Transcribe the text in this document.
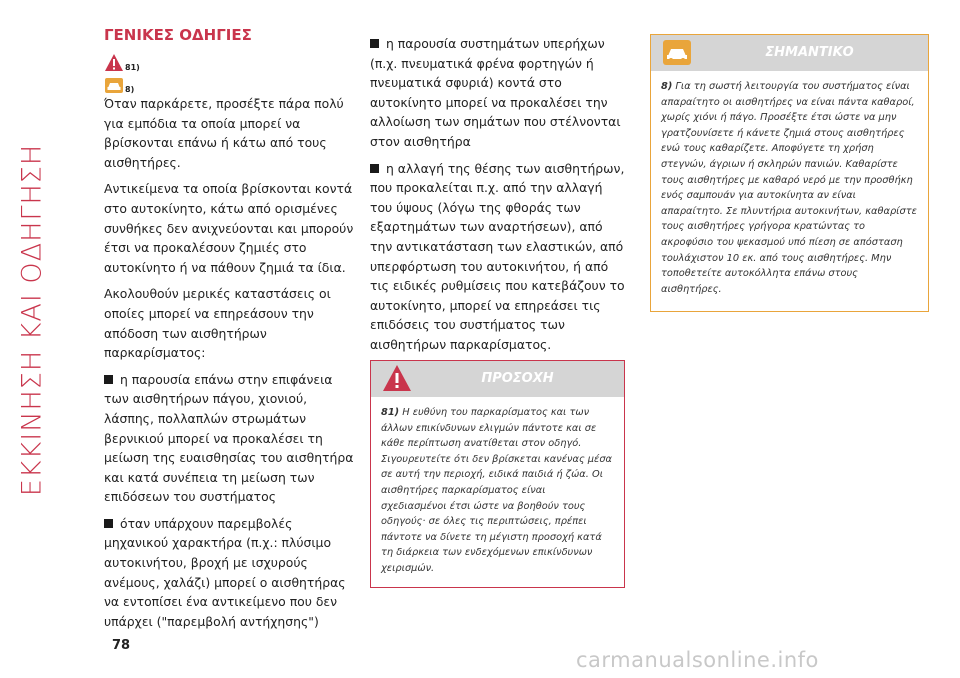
ΕΚΚΙΝΗΣΗ ΚΑΙ ΟΔΗΓΗΣΗ
ΓΕΝΙΚΕΣ ΟΔΗΓΙΕΣ
81)
8)

Όταν παρκάρετε, προσέξτε πάρα πολύ για εμπόδια τα οποία μπορεί να βρίσκονται επάνω ή κάτω από τους αισθητήρες.

Αντικείμενα τα οποία βρίσκονται κοντά στο αυτοκίνητο, κάτω από ορισμένες συνθήκες δεν ανιχνεύονται και μπορούν έτσι να προκαλέσουν ζημιές στο αυτοκίνητο ή να πάθουν ζημιά τα ίδια.

Ακολουθούν μερικές καταστάσεις οι οποίες μπορεί να επηρεάσουν την απόδοση των αισθητήρων παρκαρίσματος:

η παρουσία επάνω στην επιφάνεια των αισθητήρων πάγου, χιονιού, λάσπης, πολλαπλών στρωμάτων βερνικιού μπορεί να προκαλέσει τη μείωση της ευαισθησίας του αισθητήρα και κατά συνέπεια τη μείωση των επιδόσεων του συστήματος

όταν υπάρχουν παρεμβολές μηχανικού χαρακτήρα (π.χ.: πλύσιμο αυτοκινήτου, βροχή με ισχυρούς ανέμους, χαλάζι) μπορεί ο αισθητήρας να εντοπίσει ένα αντικείμενο που δεν υπάρχει ("παρεμβολή αντήχησης")

η παρουσία συστημάτων υπερήχων (π.χ. πνευματικά φρένα φορτηγών ή πνευματικά σφυριά) κοντά στο αυτοκίνητο μπορεί να προκαλέσει την αλλοίωση των σημάτων που στέλνονται στον αισθητήρα

η αλλαγή της θέσης των αισθητήρων, που προκαλείται π.χ. από την αλλαγή του ύψους (λόγω της φθοράς των εξαρτημάτων των αναρτήσεων), από την αντικατάσταση των ελαστικών, από υπερφόρτωση του αυτοκινήτου, ή από τις ειδικές ρυθμίσεις που κατεβάζουν το αυτοκίνητο, μπορεί να επηρεάσει τις επιδόσεις του συστήματος των αισθητήρων παρκαρίσματος.

ΠΡΟΣΟΧΗ
81) Η ευθύνη του παρκαρίσματος και των άλλων επικίνδυνων ελιγμών πάντοτε και σε κάθε περίπτωση ανατίθεται στον οδηγό. Σιγουρευτείτε ότι δεν βρίσκεται κανένας μέσα σε αυτή την περιοχή, ειδικά παιδιά ή ζώα. Οι αισθητήρες παρκαρίσματος είναι σχεδιασμένοι έτσι ώστε να βοηθούν τους οδηγούς· σε όλες τις περιπτώσεις, πρέπει πάντοτε να δίνετε τη μέγιστη προσοχή κατά τη διάρκεια των ενδεχόμενων επικίνδυνων χειρισμών.
ΣΗΜΑΝΤΙΚΟ
8) Για τη σωστή λειτουργία του συστήματος είναι απαραίτητο οι αισθητήρες να είναι πάντα καθαροί, χωρίς χιόνι ή πάγο. Προσέξτε έτσι ώστε να μην γρατζουνίσετε ή κάνετε ζημιά στους αισθητήρες ενώ τους καθαρίζετε. Αποφύγετε τη χρήση στεγνών, άγριων ή σκληρών πανιών. Καθαρίστε τους αισθητήρες με καθαρό νερό με την προσθήκη ενός σαμπουάν για αυτοκίνητα αν είναι απαραίτητο. Σε πλυντήρια αυτοκινήτων, καθαρίστε τους αισθητήρες γρήγορα κρατώντας το ακροφύσιο του ψεκασμού υπό πίεση σε απόσταση τουλάχιστον 10 εκ. από τους αισθητήρες. Μην τοποθετείτε αυτοκόλλητα επάνω στους αισθητήρες.
78
carmanualsonline.info
